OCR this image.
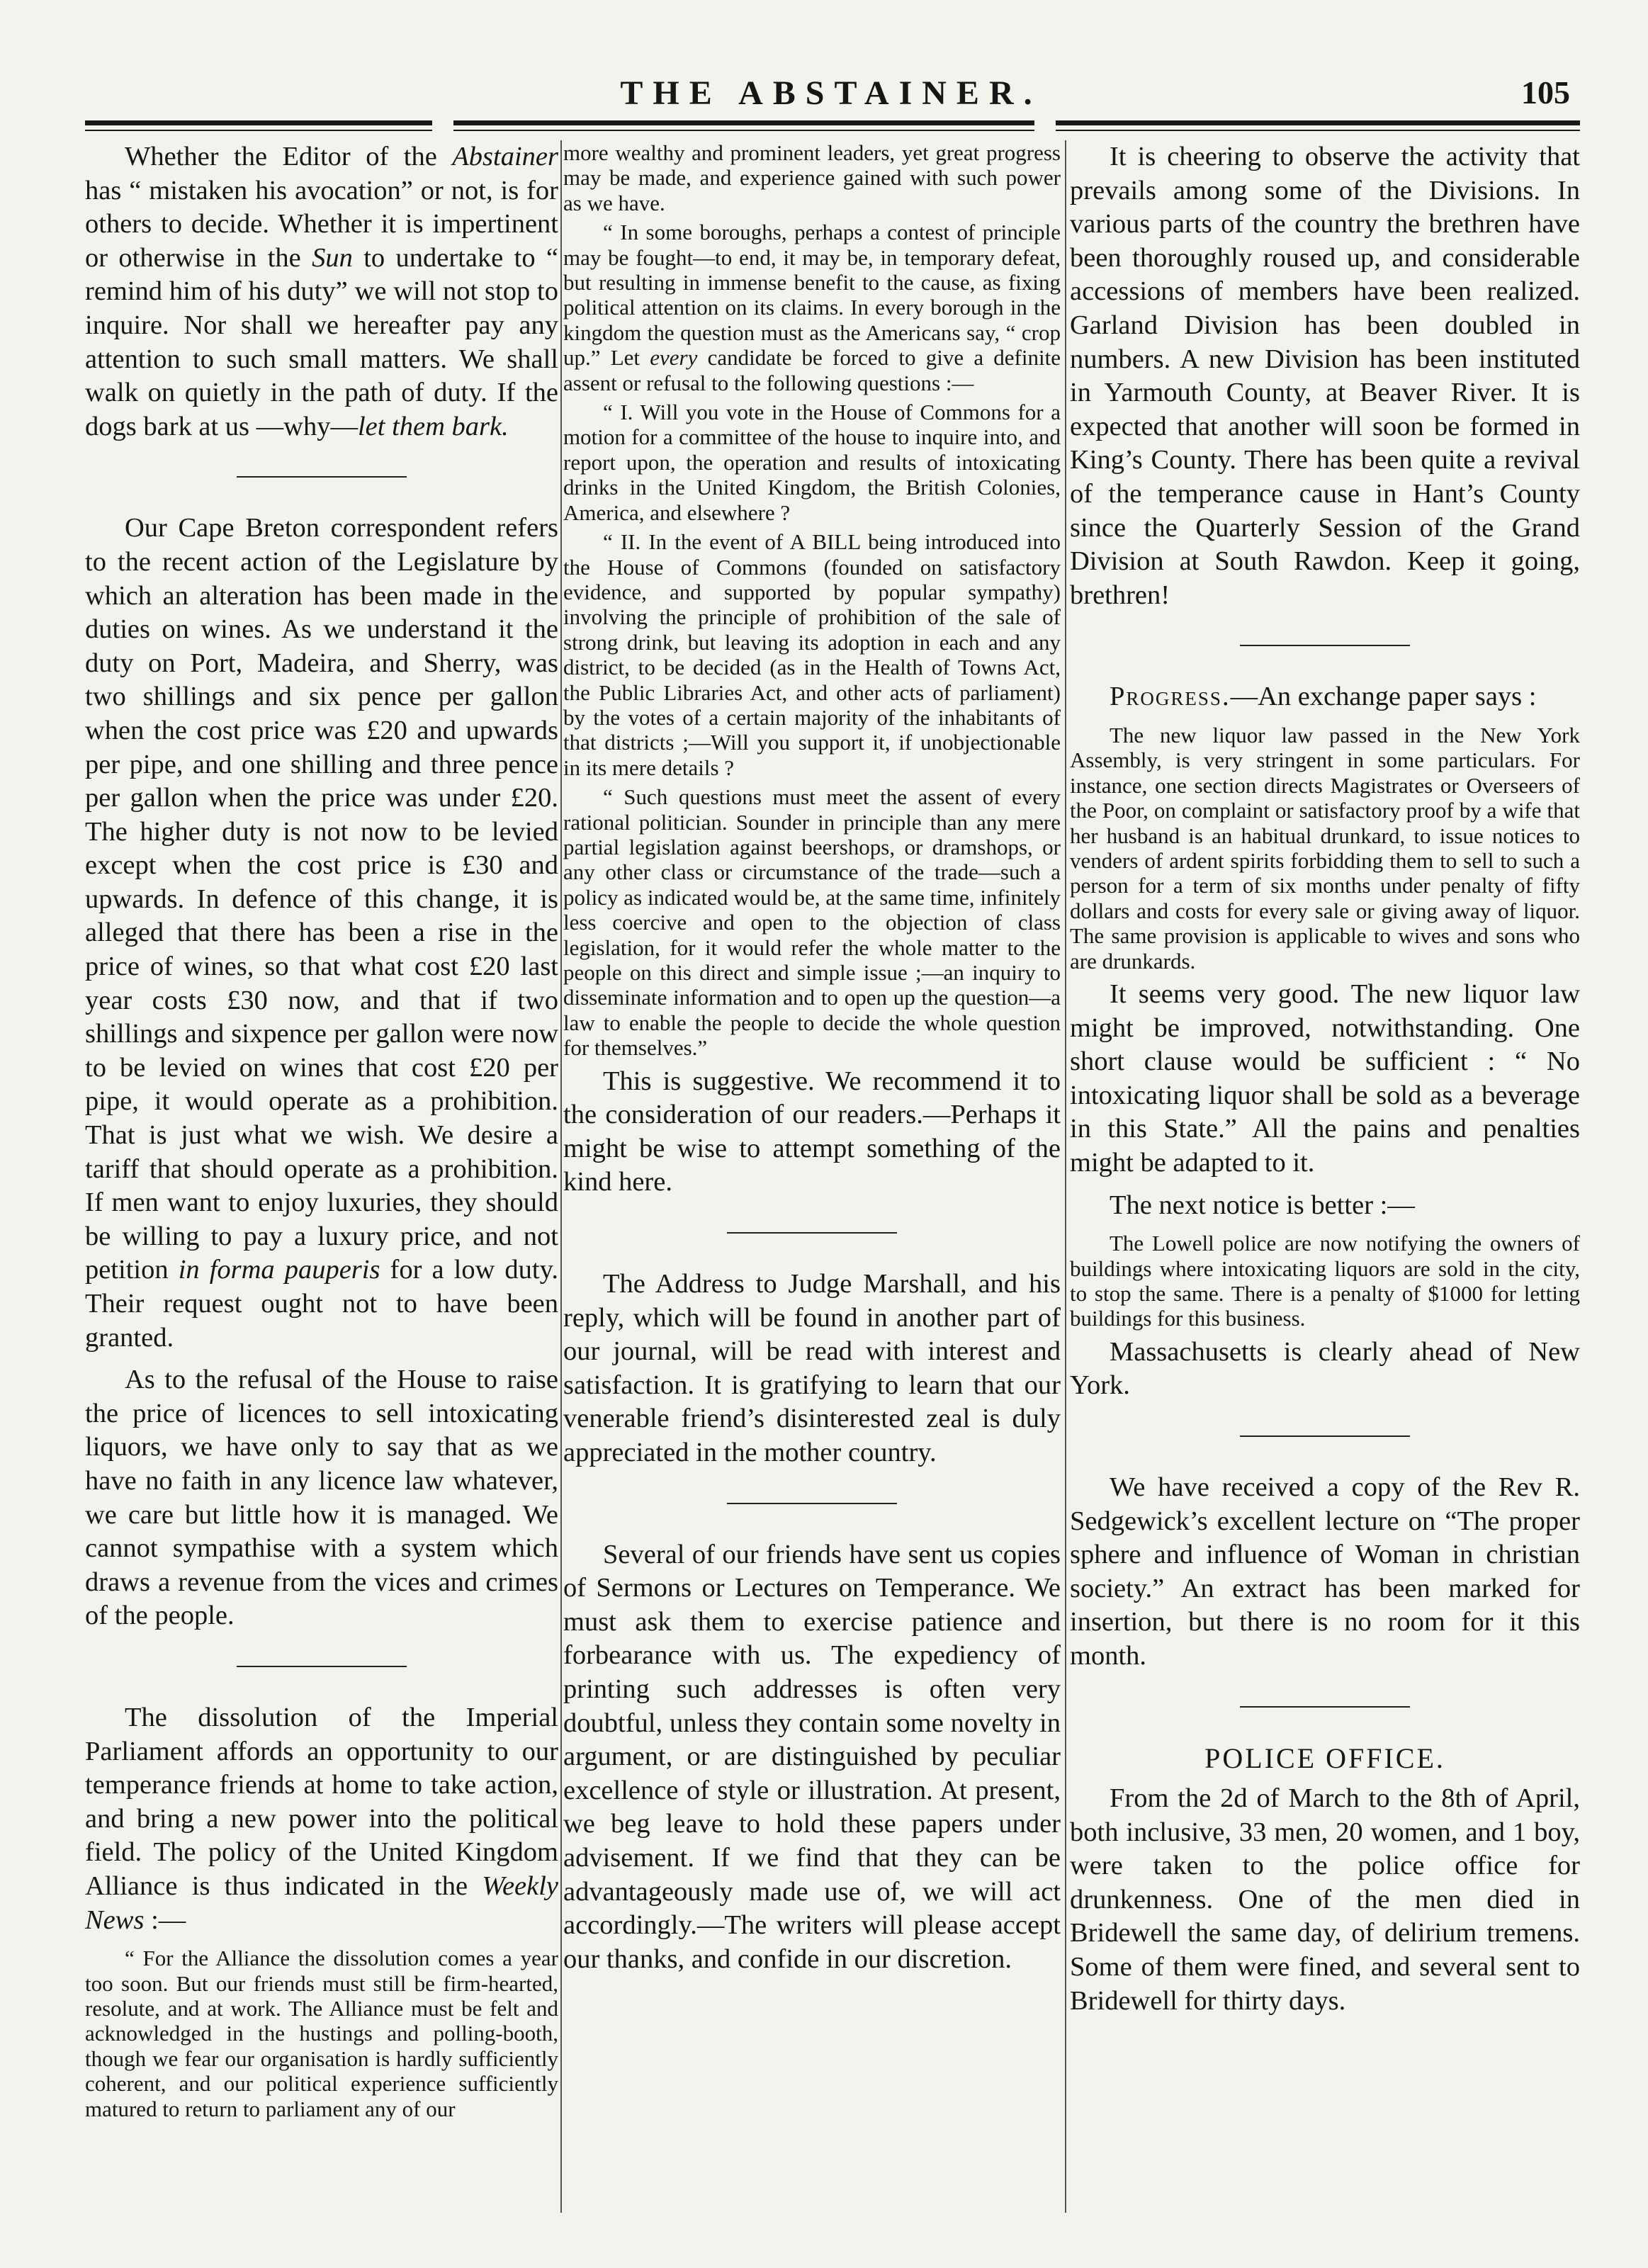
THE ABSTAINER.	105

Whether the Editor of the Abstainer has “ mistaken his avocation” or not, is for others to decide. Whether it is impertinent or otherwise in the Sun to undertake to “ remind him of his duty” we will not stop to inquire. Nor shall we hereafter pay any attention to such small matters. We shall walk on quietly in the path of duty. If the dogs bark at us —why—let them bark.

Our Cape Breton correspondent refers to the recent action of the Legislature by which an alteration has been made in the duties on wines. As we understand it the duty on Port, Madeira, and Sherry, was two shillings and six pence per gallon when the cost price was £20 and upwards per pipe, and one shilling and three pence per gallon when the price was under £20. The higher duty is not now to be levied except when the cost price is £30 and upwards. In defence of this change, it is alleged that there has been a rise in the price of wines, so that what cost £20 last year costs £30 now, and that if two shillings and sixpence per gallon were now to be levied on wines that cost £20 per pipe, it would operate as a prohibition. That is just what we wish. We desire a tariff that should operate as a prohibition. If men want to enjoy luxuries, they should be willing to pay a luxury price, and not petition in forma pauperis for a low duty. Their request ought not to have been granted.

As to the refusal of the House to raise the price of licences to sell intoxicating liquors, we have only to say that as we have no faith in any licence law whatever, we care but little how it is managed. We cannot sympathise with a system which draws a revenue from the vices and crimes of the people.

The dissolution of the Imperial Parliament affords an opportunity to our temperance friends at home to take action, and bring a new power into the political field. The policy of the United Kingdom Alliance is thus indicated in the Weekly News :—

“ For the Alliance the dissolution comes a year too soon. But our friends must still be firm-hearted, resolute, and at work. The Alliance must be felt and acknowledged in the hustings and polling-booth, though we fear our organisation is hardly sufficiently coherent, and our political experience sufficiently matured to return to parliament any of our

more wealthy and prominent leaders, yet great progress may be made, and experience gained with such power as we have.

“ In some boroughs, perhaps a contest of principle may be fought—to end, it may be, in temporary defeat, but resulting in immense benefit to the cause, as fixing political attention on its claims. In every borough in the kingdom the question must as the Americans say, “ crop up.” Let every candidate be forced to give a definite assent or refusal to the following questions :—

“ I. Will you vote in the House of Commons for a motion for a committee of the house to inquire into, and report upon, the operation and results of intoxicating drinks in the United Kingdom, the British Colonies, America, and elsewhere ?

“ II. In the event of A BILL being introduced into the House of Commons (founded on satisfactory evidence, and supported by popular sympathy) involving the principle of prohibition of the sale of strong drink, but leaving its adoption in each and any district, to be decided (as in the Health of Towns Act, the Public Libraries Act, and other acts of parliament) by the votes of a certain majority of the inhabitants of that districts ;—Will you support it, if unobjectionable in its mere details ?

“ Such questions must meet the assent of every rational politician. Sounder in principle than any mere partial legislation against beershops, or dramshops, or any other class or circumstance of the trade—such a policy as indicated would be, at the same time, infinitely less coercive and open to the objection of class legislation, for it would refer the whole matter to the people on this direct and simple issue ;—an inquiry to disseminate information and to open up the question—a law to enable the people to decide the whole question for themselves.”

This is suggestive. We recommend it to the consideration of our readers.—Perhaps it might be wise to attempt something of the kind here.

The Address to Judge Marshall, and his reply, which will be found in another part of our journal, will be read with interest and satisfaction. It is gratifying to learn that our venerable friend’s disinterested zeal is duly appreciated in the mother country.

Several of our friends have sent us copies of Sermons or Lectures on Temperance. We must ask them to exercise patience and forbearance with us. The expediency of printing such addresses is often very doubtful, unless they contain some novelty in argument, or are distinguished by peculiar excellence of style or illustration. At present, we beg leave to hold these papers under advisement. If we find that they can be advantageously made use of, we will act accordingly.—The writers will please accept our thanks, and confide in our discretion.

It is cheering to observe the activity that prevails among some of the Divisions. In various parts of the country the brethren have been thoroughly roused up, and considerable accessions of members have been realized. Garland Division has been doubled in numbers. A new Division has been instituted in Yarmouth County, at Beaver River. It is expected that another will soon be formed in King’s County. There has been quite a revival of the temperance cause in Hant’s County since the Quarterly Session of the Grand Division at South Rawdon. Keep it going, brethren!

Progress.—An exchange paper says :

The new liquor law passed in the New York Assembly, is very stringent in some particulars. For instance, one section directs Magistrates or Overseers of the Poor, on complaint or satisfactory proof by a wife that her husband is an habitual drunkard, to issue notices to venders of ardent spirits forbidding them to sell to such a person for a term of six months under penalty of fifty dollars and costs for every sale or giving away of liquor. The same provision is applicable to wives and sons who are drunkards.

It seems very good. The new liquor law might be improved, notwithstanding. One short clause would be sufficient : “ No intoxicating liquor shall be sold as a beverage in this State.” All the pains and penalties might be adapted to it.

The next notice is better :—

The Lowell police are now notifying the owners of buildings where intoxicating liquors are sold in the city, to stop the same. There is a penalty of $1000 for letting buildings for this business.

Massachusetts is clearly ahead of New York.

We have received a copy of the Rev R. Sedgewick’s excellent lecture on “The proper sphere and influence of Woman in christian society.” An extract has been marked for insertion, but there is no room for it this month.

POLICE OFFICE.

From the 2d of March to the 8th of April, both inclusive, 33 men, 20 women, and 1 boy, were taken to the police office for drunkenness. One of the men died in Bridewell the same day, of delirium tremens. Some of them were fined, and several sent to Bridewell for thirty days.
